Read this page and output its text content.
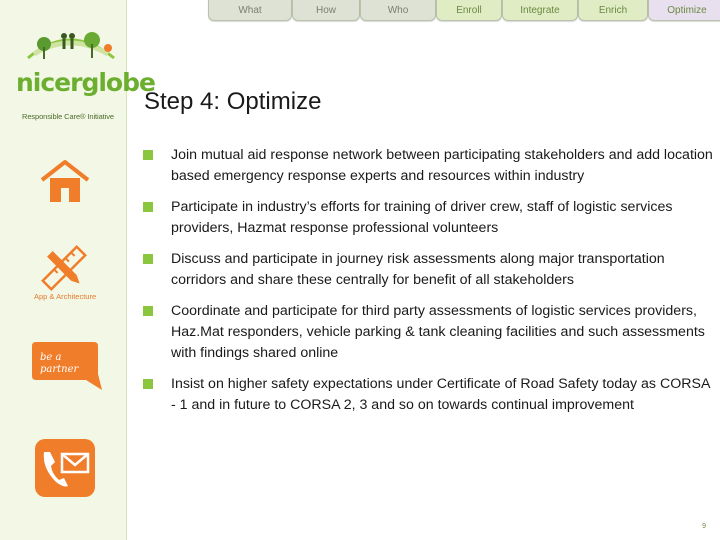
nicerglobe
Responsible Care® Initiative
What	How	Who	Enroll	Integrate	Enrich	Optimize
Step 4: Optimize
Join mutual aid response network between participating stakeholders and add location based emergency response experts and resources within industry
Participate in industry’s efforts for training of driver crew, staff of logistic services providers, Hazmat response professional volunteers
Discuss and participate in journey risk assessments along major transportation corridors and share these centrally for benefit of all stakeholders
Coordinate and participate for third party assessments of logistic services providers, Haz.Mat responders, vehicle parking & tank cleaning facilities and such assessments with findings shared online
Insist on higher safety expectations under Certificate of Road Safety today as CORSA - 1 and in future to CORSA 2, 3 and so on towards continual improvement
App & Architecture
be a
partner
9
